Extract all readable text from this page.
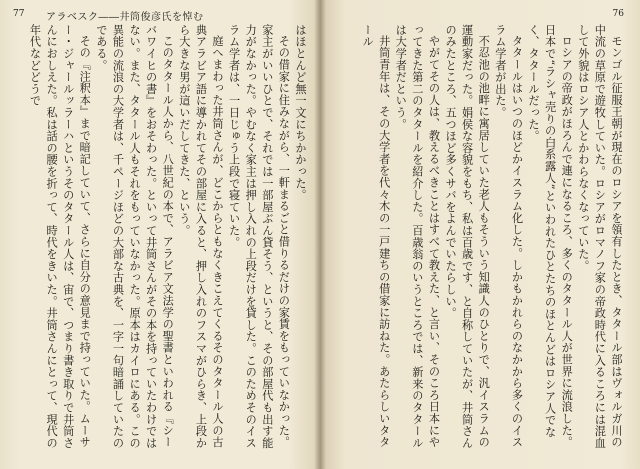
77 アラベスク――井筒俊彦氏を悼む

はほとんど無一文にちかかった。

その借家に住みながら、一軒まるごと借りるだけの家賃をもっていなかった。家主がいいひとで、それでは一部屋ぶん貸そう、というと、その部屋代も出す能力がなかった。やむなく家主は押し入れの上段だけを貸した。このためそのイスラム学者は、一日じゅう上段で寝ていた。

庭へまわった井筒さんが、どこからともなくきこえてくるそのタタール人の古典アラビア語に導かれてその部屋に入ると、押し入れのフスマがひらき、上段から大きな男が這いだしてきた、という。

このタタール人から、八世紀の本で、アラビア文法学の聖書といわれる『シーバワイヒの書』をおそわった。といって井筒さんがその本を持っていたわけではない。また、タタール人もそれをもっていなかった。原本はカイロにある。この異能の流浪の大学者は、千ページほどの大部な古典を、一字一句暗誦していたのである。

その『注釈本』まで暗記していて、さらに自分の意見まで持っていた。ムーサー・ジャールッラーハというそのタタール人は、宙で、つまり書き取りで井筒さんにおしえた。私は話の腰を折って、時代をきいた。井筒さんにとって、現代の年代などどうで

76

モンゴル征服王朝が現在のロシアを領有したとき、タタール部はヴォルガ川の中流の草原で遊牧していた。ロシアがロマノフ家の帝政時代に入るころには混血して外貌はロシア人とかわらなくなっていた。

ロシアの帝政がほろんで連になるころ、多くのタタール人が世界に流浪した。日本で“ラシャ売りの白系露人”といわれたひとたちのほとんどはロシア人でなく、タタールだった。

タタールはいつのほどかイスラム化した。しかもかれらのなかから多くのイスラム学者が出た。

不忍池の池畔に寓居していた老人もそういう知識人のひとりで、汎イスラムの運動家だった。娟侯な容貌をもち、私は百歳です、と自称していたが、井筒さんのみたところ、五つほど多くサバをよんでいたらしい。

やがてその人は、教えるべきことはすべて教えた、と言い、そのころ日本にやってきた第二のタタールを紹介した。百歳翁のいうところでは、新来のタタールは大学者だという。

井筒青年は、その大学者を代々木の一戸建ちの借家に訪ねた。あたらしいタタール
